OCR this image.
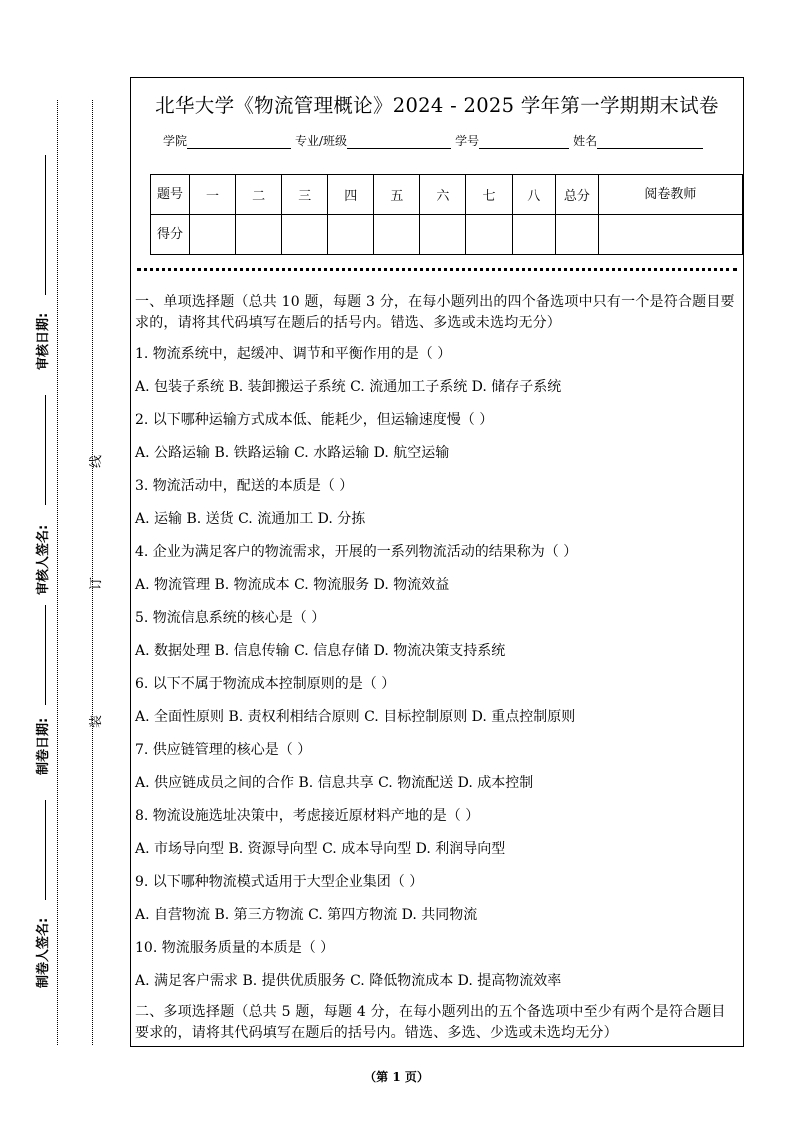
审核日期:
审核人签名:
制卷日期:
制卷人签名:
线
订
装
北华大学《物流管理概论》2024 - 2025 学年第一学期期末试卷
学院	专业/班级	学号	姓名
题号	一	二	三	四	五	六	七	八	总分	阅卷教师
得分										

一、单项选择题（总共 10 题，每题 3 分，在每小题列出的四个备选项中只有一个是符合题目要求的，请将其代码填写在题后的括号内。错选、多选或未选均无分）

1. 物流系统中，起缓冲、调节和平衡作用的是（ ）

A. 包装子系统 B. 装卸搬运子系统 C. 流通加工子系统 D. 储存子系统

2. 以下哪种运输方式成本低、能耗少，但运输速度慢（ ）

A. 公路运输 B. 铁路运输 C. 水路运输 D. 航空运输

3. 物流活动中，配送的本质是（ ）

A. 运输 B. 送货 C. 流通加工 D. 分拣

4. 企业为满足客户的物流需求，开展的一系列物流活动的结果称为（ ）

A. 物流管理 B. 物流成本 C. 物流服务 D. 物流效益

5. 物流信息系统的核心是（ ）

A. 数据处理 B. 信息传输 C. 信息存储 D. 物流决策支持系统

6. 以下不属于物流成本控制原则的是（ ）

A. 全面性原则 B. 责权利相结合原则 C. 目标控制原则 D. 重点控制原则

7. 供应链管理的核心是（ ）

A. 供应链成员之间的合作 B. 信息共享 C. 物流配送 D. 成本控制

8. 物流设施选址决策中，考虑接近原材料产地的是（ ）

A. 市场导向型 B. 资源导向型 C. 成本导向型 D. 利润导向型

9. 以下哪种物流模式适用于大型企业集团（ ）

A. 自营物流 B. 第三方物流 C. 第四方物流 D. 共同物流

10. 物流服务质量的本质是（ ）

A. 满足客户需求 B. 提供优质服务 C. 降低物流成本 D. 提高物流效率

二、多项选择题（总共 5 题，每题 4 分，在每小题列出的五个备选项中至少有两个是符合题目要求的，请将其代码填写在题后的括号内。错选、多选、少选或未选均无分）

（第 1 页）
